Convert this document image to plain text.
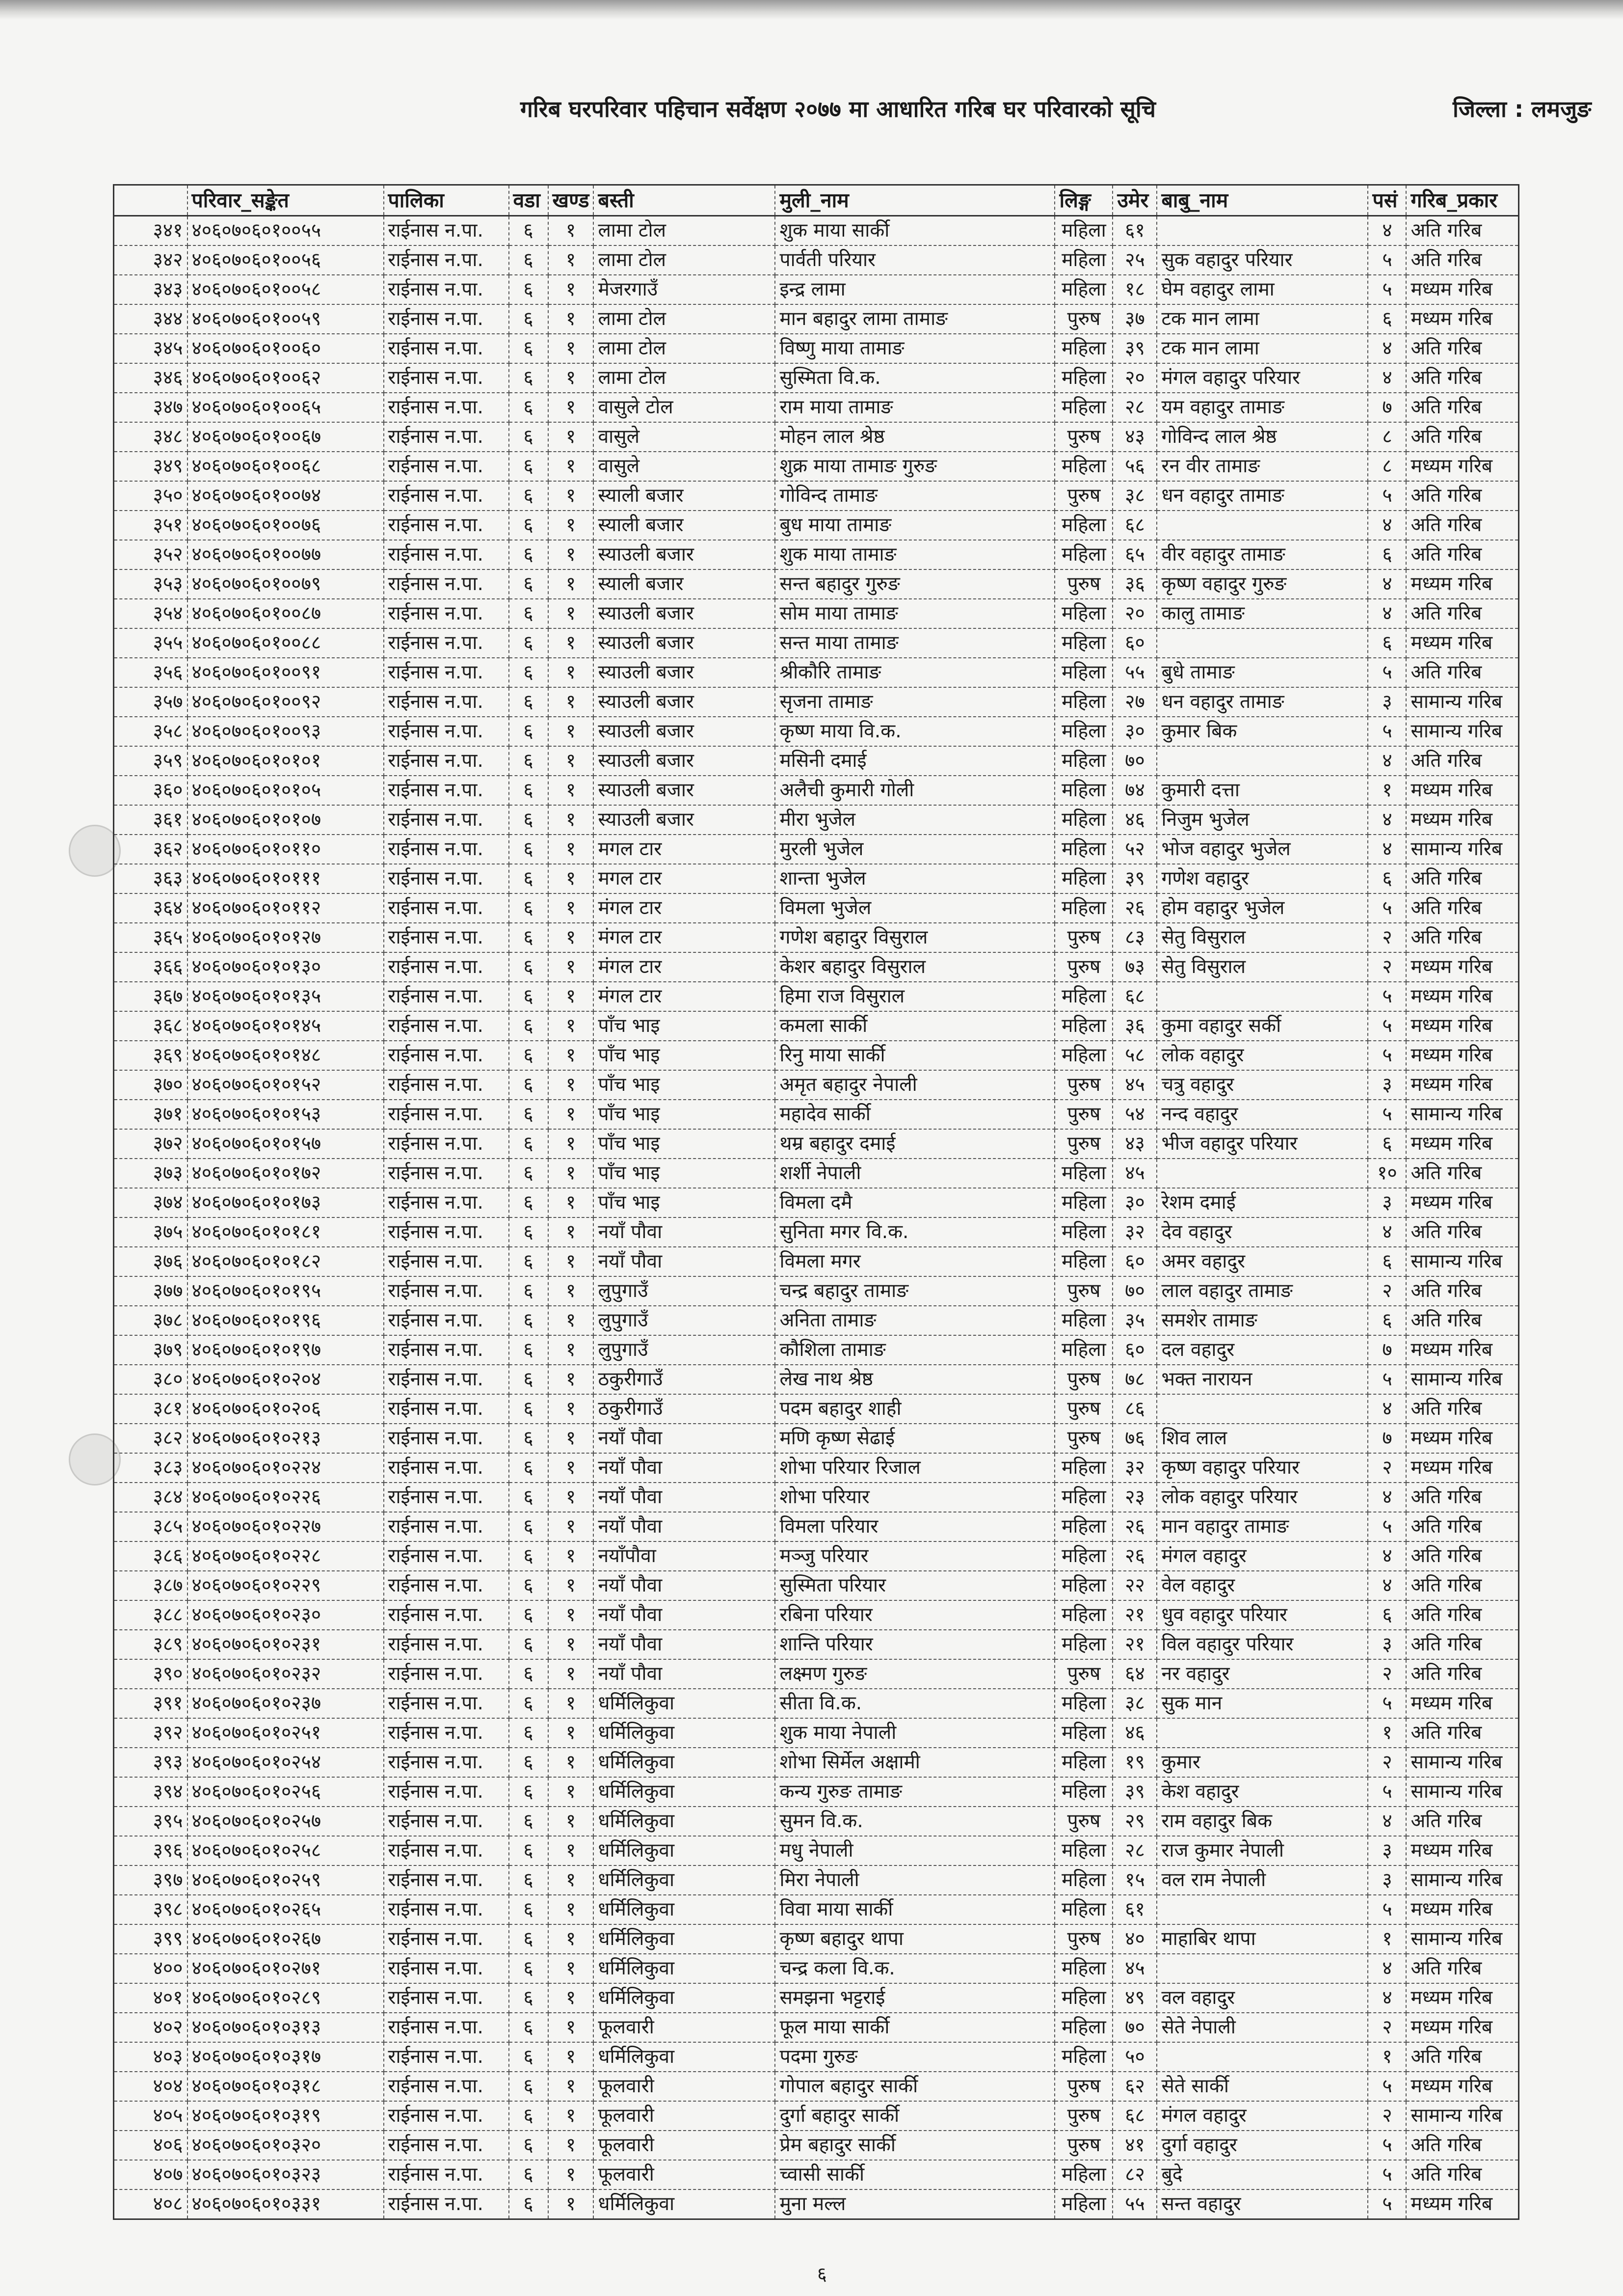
गरिब घरपरिवार पहिचान सर्वेक्षण २०७७ मा आधारित गरिब घर परिवारको सूचि	जिल्ला : लमजुङ
	परिवार_सङ्केत	पालिका	वडा	खण्ड	बस्ती	मुली_नाम	लिङ्ग	उमेर	बाबु_नाम	पसं	गरिब_प्रकार
३४१	४०६०७०६०१००५५	राईनास न.पा.	६	१	लामा टोल	शुक माया सार्की	महिला	६१		४	अति गरिब
३४२	४०६०७०६०१००५६	राईनास न.पा.	६	१	लामा टोल	पार्वती परियार	महिला	२५	सुक वहादुर परियार	५	अति गरिब
३४३	४०६०७०६०१००५८	राईनास न.पा.	६	१	मेजरगाउँ	इन्द्र लामा	महिला	१८	घेम वहादुर लामा	५	मध्यम गरिब
३४४	४०६०७०६०१००५९	राईनास न.पा.	६	१	लामा टोल	मान बहादुर लामा तामाङ	पुरुष	३७	टक मान लामा	६	मध्यम गरिब
३४५	४०६०७०६०१००६०	राईनास न.पा.	६	१	लामा टोल	विष्णु माया तामाङ	महिला	३९	टक मान लामा	४	अति गरिब
३४६	४०६०७०६०१००६२	राईनास न.पा.	६	१	लामा टोल	सुस्मिता वि.क.	महिला	२०	मंगल वहादुर परियार	४	अति गरिब
३४७	४०६०७०६०१००६५	राईनास न.पा.	६	१	वासुले टोल	राम माया तामाङ	महिला	२८	यम वहादुर तामाङ	७	अति गरिब
३४८	४०६०७०६०१००६७	राईनास न.पा.	६	१	वासुले	मोहन लाल श्रेष्ठ	पुरुष	४३	गोविन्द लाल श्रेष्ठ	८	अति गरिब
३४९	४०६०७०६०१००६८	राईनास न.पा.	६	१	वासुले	शुक्र माया तामाङ गुरुङ	महिला	५६	रन वीर तामाङ	८	मध्यम गरिब
३५०	४०६०७०६०१००७४	राईनास न.पा.	६	१	स्याली बजार	गोविन्द तामाङ	पुरुष	३८	धन वहादुर तामाङ	५	अति गरिब
३५१	४०६०७०६०१००७६	राईनास न.पा.	६	१	स्याली बजार	बुध माया तामाङ	महिला	६८		४	अति गरिब
३५२	४०६०७०६०१००७७	राईनास न.पा.	६	१	स्याउली बजार	शुक माया तामाङ	महिला	६५	वीर वहादुर तामाङ	६	अति गरिब
३५३	४०६०७०६०१००७९	राईनास न.पा.	६	१	स्याली बजार	सन्त बहादुर गुरुङ	पुरुष	३६	कृष्ण वहादुर गुरुङ	४	मध्यम गरिब
३५४	४०६०७०६०१००८७	राईनास न.पा.	६	१	स्याउली बजार	सोम माया तामाङ	महिला	२०	कालु तामाङ	४	अति गरिब
३५५	४०६०७०६०१००८८	राईनास न.पा.	६	१	स्याउली बजार	सन्त माया तामाङ	महिला	६०		६	मध्यम गरिब
३५६	४०६०७०६०१००९१	राईनास न.पा.	६	१	स्याउली बजार	श्रीकौरि तामाङ	महिला	५५	बुधे तामाङ	५	अति गरिब
३५७	४०६०७०६०१००९२	राईनास न.पा.	६	१	स्याउली बजार	सृजना तामाङ	महिला	२७	धन वहादुर तामाङ	३	सामान्य गरिब
३५८	४०६०७०६०१००९३	राईनास न.पा.	६	१	स्याउली बजार	कृष्ण माया वि.क.	महिला	३०	कुमार बिक	५	सामान्य गरिब
३५९	४०६०७०६०१०१०१	राईनास न.पा.	६	१	स्याउली बजार	मसिनी दमाई	महिला	७०		४	अति गरिब
३६०	४०६०७०६०१०१०५	राईनास न.पा.	६	१	स्याउली बजार	अलैची कुमारी गोली	महिला	७४	कुमारी दत्ता	१	मध्यम गरिब
३६१	४०६०७०६०१०१०७	राईनास न.पा.	६	१	स्याउली बजार	मीरा भुजेल	महिला	४६	निजुम भुजेल	४	मध्यम गरिब
३६२	४०६०७०६०१०११०	राईनास न.पा.	६	१	मगल टार	मुरली भुजेल	महिला	५२	भोज वहादुर भुजेल	४	सामान्य गरिब
३६३	४०६०७०६०१०१११	राईनास न.पा.	६	१	मगल टार	शान्ता भुजेल	महिला	३९	गणेश वहादुर	६	अति गरिब
३६४	४०६०७०६०१०११२	राईनास न.पा.	६	१	मंगल टार	विमला भुजेल	महिला	२६	होम वहादुर भुजेल	५	अति गरिब
३६५	४०६०७०६०१०१२७	राईनास न.पा.	६	१	मंगल टार	गणेश बहादुर विसुराल	पुरुष	८३	सेतु विसुराल	२	अति गरिब
३६६	४०६०७०६०१०१३०	राईनास न.पा.	६	१	मंगल टार	केशर बहादुर विसुराल	पुरुष	७३	सेतु विसुराल	२	मध्यम गरिब
३६७	४०६०७०६०१०१३५	राईनास न.पा.	६	१	मंगल टार	हिमा राज विसुराल	महिला	६८		५	मध्यम गरिब
३६८	४०६०७०६०१०१४५	राईनास न.पा.	६	१	पाँच भाइ	कमला सार्की	महिला	३६	कुमा वहादुर सर्की	५	मध्यम गरिब
३६९	४०६०७०६०१०१४८	राईनास न.पा.	६	१	पाँच भाइ	रिनु माया सार्की	महिला	५८	लोक वहादुर	५	मध्यम गरिब
३७०	४०६०७०६०१०१५२	राईनास न.पा.	६	१	पाँच भाइ	अमृत बहादुर नेपाली	पुरुष	४५	चत्रु वहादुर	३	मध्यम गरिब
३७१	४०६०७०६०१०१५३	राईनास न.पा.	६	१	पाँच भाइ	महादेव सार्की	पुरुष	५४	नन्द वहादुर	५	सामान्य गरिब
३७२	४०६०७०६०१०१५७	राईनास न.पा.	६	१	पाँच भाइ	थम्र बहादुर दमाई	पुरुष	४३	भीज वहादुर परियार	६	मध्यम गरिब
३७३	४०६०७०६०१०१७२	राईनास न.पा.	६	१	पाँच भाइ	शर्शी नेपाली	महिला	४५		१०	अति गरिब
३७४	४०६०७०६०१०१७३	राईनास न.पा.	६	१	पाँच भाइ	विमला दमै	महिला	३०	रेशम दमाई	३	मध्यम गरिब
३७५	४०६०७०६०१०१८१	राईनास न.पा.	६	१	नयाँ पौवा	सुनिता मगर वि.क.	महिला	३२	देव वहादुर	४	अति गरिब
३७६	४०६०७०६०१०१८२	राईनास न.पा.	६	१	नयाँ पौवा	विमला मगर	महिला	६०	अमर वहादुर	६	सामान्य गरिब
३७७	४०६०७०६०१०१९५	राईनास न.पा.	६	१	लुपुगाउँ	चन्द्र बहादुर तामाङ	पुरुष	७०	लाल वहादुर तामाङ	२	अति गरिब
३७८	४०६०७०६०१०१९६	राईनास न.पा.	६	१	लुपुगाउँ	अनिता तामाङ	महिला	३५	समशेर तामाङ	६	अति गरिब
३७९	४०६०७०६०१०१९७	राईनास न.पा.	६	१	लुपुगाउँ	कौशिला तामाङ	महिला	६०	दल वहादुर	७	मध्यम गरिब
३८०	४०६०७०६०१०२०४	राईनास न.पा.	६	१	ठकुरीगाउँ	लेख नाथ श्रेष्ठ	पुरुष	७८	भक्त नारायन	५	सामान्य गरिब
३८१	४०६०७०६०१०२०६	राईनास न.पा.	६	१	ठकुरीगाउँ	पदम बहादुर शाही	पुरुष	८६		४	अति गरिब
३८२	४०६०७०६०१०२१३	राईनास न.पा.	६	१	नयाँ पौवा	मणि कृष्ण सेढाई	पुरुष	७६	शिव लाल	७	मध्यम गरिब
३८३	४०६०७०६०१०२२४	राईनास न.पा.	६	१	नयाँ पौवा	शोभा परियार रिजाल	महिला	३२	कृष्ण वहादुर परियार	२	मध्यम गरिब
३८४	४०६०७०६०१०२२६	राईनास न.पा.	६	१	नयाँ पौवा	शोभा परियार	महिला	२३	लोक वहादुर परियार	४	अति गरिब
३८५	४०६०७०६०१०२२७	राईनास न.पा.	६	१	नयाँ पौवा	विमला परियार	महिला	२६	मान वहादुर तामाङ	५	अति गरिब
३८६	४०६०७०६०१०२२८	राईनास न.पा.	६	१	नयाँपौवा	मञ्जु परियार	महिला	२६	मंगल वहादुर	४	अति गरिब
३८७	४०६०७०६०१०२२९	राईनास न.पा.	६	१	नयाँ पौवा	सुस्मिता परियार	महिला	२२	वेल वहादुर	४	अति गरिब
३८८	४०६०७०६०१०२३०	राईनास न.पा.	६	१	नयाँ पौवा	रबिना परियार	महिला	२१	धुव वहादुर परियार	६	अति गरिब
३८९	४०६०७०६०१०२३१	राईनास न.पा.	६	१	नयाँ पौवा	शान्ति परियार	महिला	२१	विल वहादुर परियार	३	अति गरिब
३९०	४०६०७०६०१०२३२	राईनास न.पा.	६	१	नयाँ पौवा	लक्ष्मण गुरुङ	पुरुष	६४	नर वहादुर	२	अति गरिब
३९१	४०६०७०६०१०२३७	राईनास न.पा.	६	१	धर्मिलिकुवा	सीता वि.क.	महिला	३८	सुक मान	५	मध्यम गरिब
३९२	४०६०७०६०१०२५१	राईनास न.पा.	६	१	धर्मिलिकुवा	शुक माया नेपाली	महिला	४६		१	अति गरिब
३९३	४०६०७०६०१०२५४	राईनास न.पा.	६	१	धर्मिलिकुवा	शोभा सिर्मेल अक्षामी	महिला	१९	कुमार	२	सामान्य गरिब
३९४	४०६०७०६०१०२५६	राईनास न.पा.	६	१	धर्मिलिकुवा	कन्य गुरुङ तामाङ	महिला	३९	केश वहादुर	५	सामान्य गरिब
३९५	४०६०७०६०१०२५७	राईनास न.पा.	६	१	धर्मिलिकुवा	सुमन वि.क.	पुरुष	२९	राम वहादुर बिक	४	अति गरिब
३९६	४०६०७०६०१०२५८	राईनास न.पा.	६	१	धर्मिलिकुवा	मधु नेपाली	महिला	२८	राज कुमार नेपाली	३	मध्यम गरिब
३९७	४०६०७०६०१०२५९	राईनास न.पा.	६	१	धर्मिलिकुवा	मिरा नेपाली	महिला	१५	वल राम नेपाली	३	सामान्य गरिब
३९८	४०६०७०६०१०२६५	राईनास न.पा.	६	१	धर्मिलिकुवा	विवा माया सार्की	महिला	६१		५	मध्यम गरिब
३९९	४०६०७०६०१०२६७	राईनास न.पा.	६	१	धर्मिलिकुवा	कृष्ण बहादुर थापा	पुरुष	४०	माहाबिर थापा	१	सामान्य गरिब
४००	४०६०७०६०१०२७१	राईनास न.पा.	६	१	धर्मिलिकुवा	चन्द्र कला वि.क.	महिला	४५		४	अति गरिब
४०१	४०६०७०६०१०२८९	राईनास न.पा.	६	१	धर्मिलिकुवा	समझना भट्टराई	महिला	४९	वल वहादुर	४	मध्यम गरिब
४०२	४०६०७०६०१०३१३	राईनास न.पा.	६	१	फूलवारी	फूल माया सार्की	महिला	७०	सेते नेपाली	२	मध्यम गरिब
४०३	४०६०७०६०१०३१७	राईनास न.पा.	६	१	धर्मिलिकुवा	पदमा गुरुङ	महिला	५०		१	अति गरिब
४०४	४०६०७०६०१०३१८	राईनास न.पा.	६	१	फूलवारी	गोपाल बहादुर सार्की	पुरुष	६२	सेते सार्की	५	मध्यम गरिब
४०५	४०६०७०६०१०३१९	राईनास न.पा.	६	१	फूलवारी	दुर्गा बहादुर सार्की	पुरुष	६८	मंगल वहादुर	२	सामान्य गरिब
४०६	४०६०७०६०१०३२०	राईनास न.पा.	६	१	फूलवारी	प्रेम बहादुर सार्की	पुरुष	४१	दुर्गा वहादुर	५	अति गरिब
४०७	४०६०७०६०१०३२३	राईनास न.पा.	६	१	फूलवारी	च्वासी सार्की	महिला	८२	बुदे	५	अति गरिब
४०८	४०६०७०६०१०३३१	राईनास न.पा.	६	१	धर्मिलिकुवा	मुना मल्ल	महिला	५५	सन्त वहादुर	५	मध्यम गरिब
६
